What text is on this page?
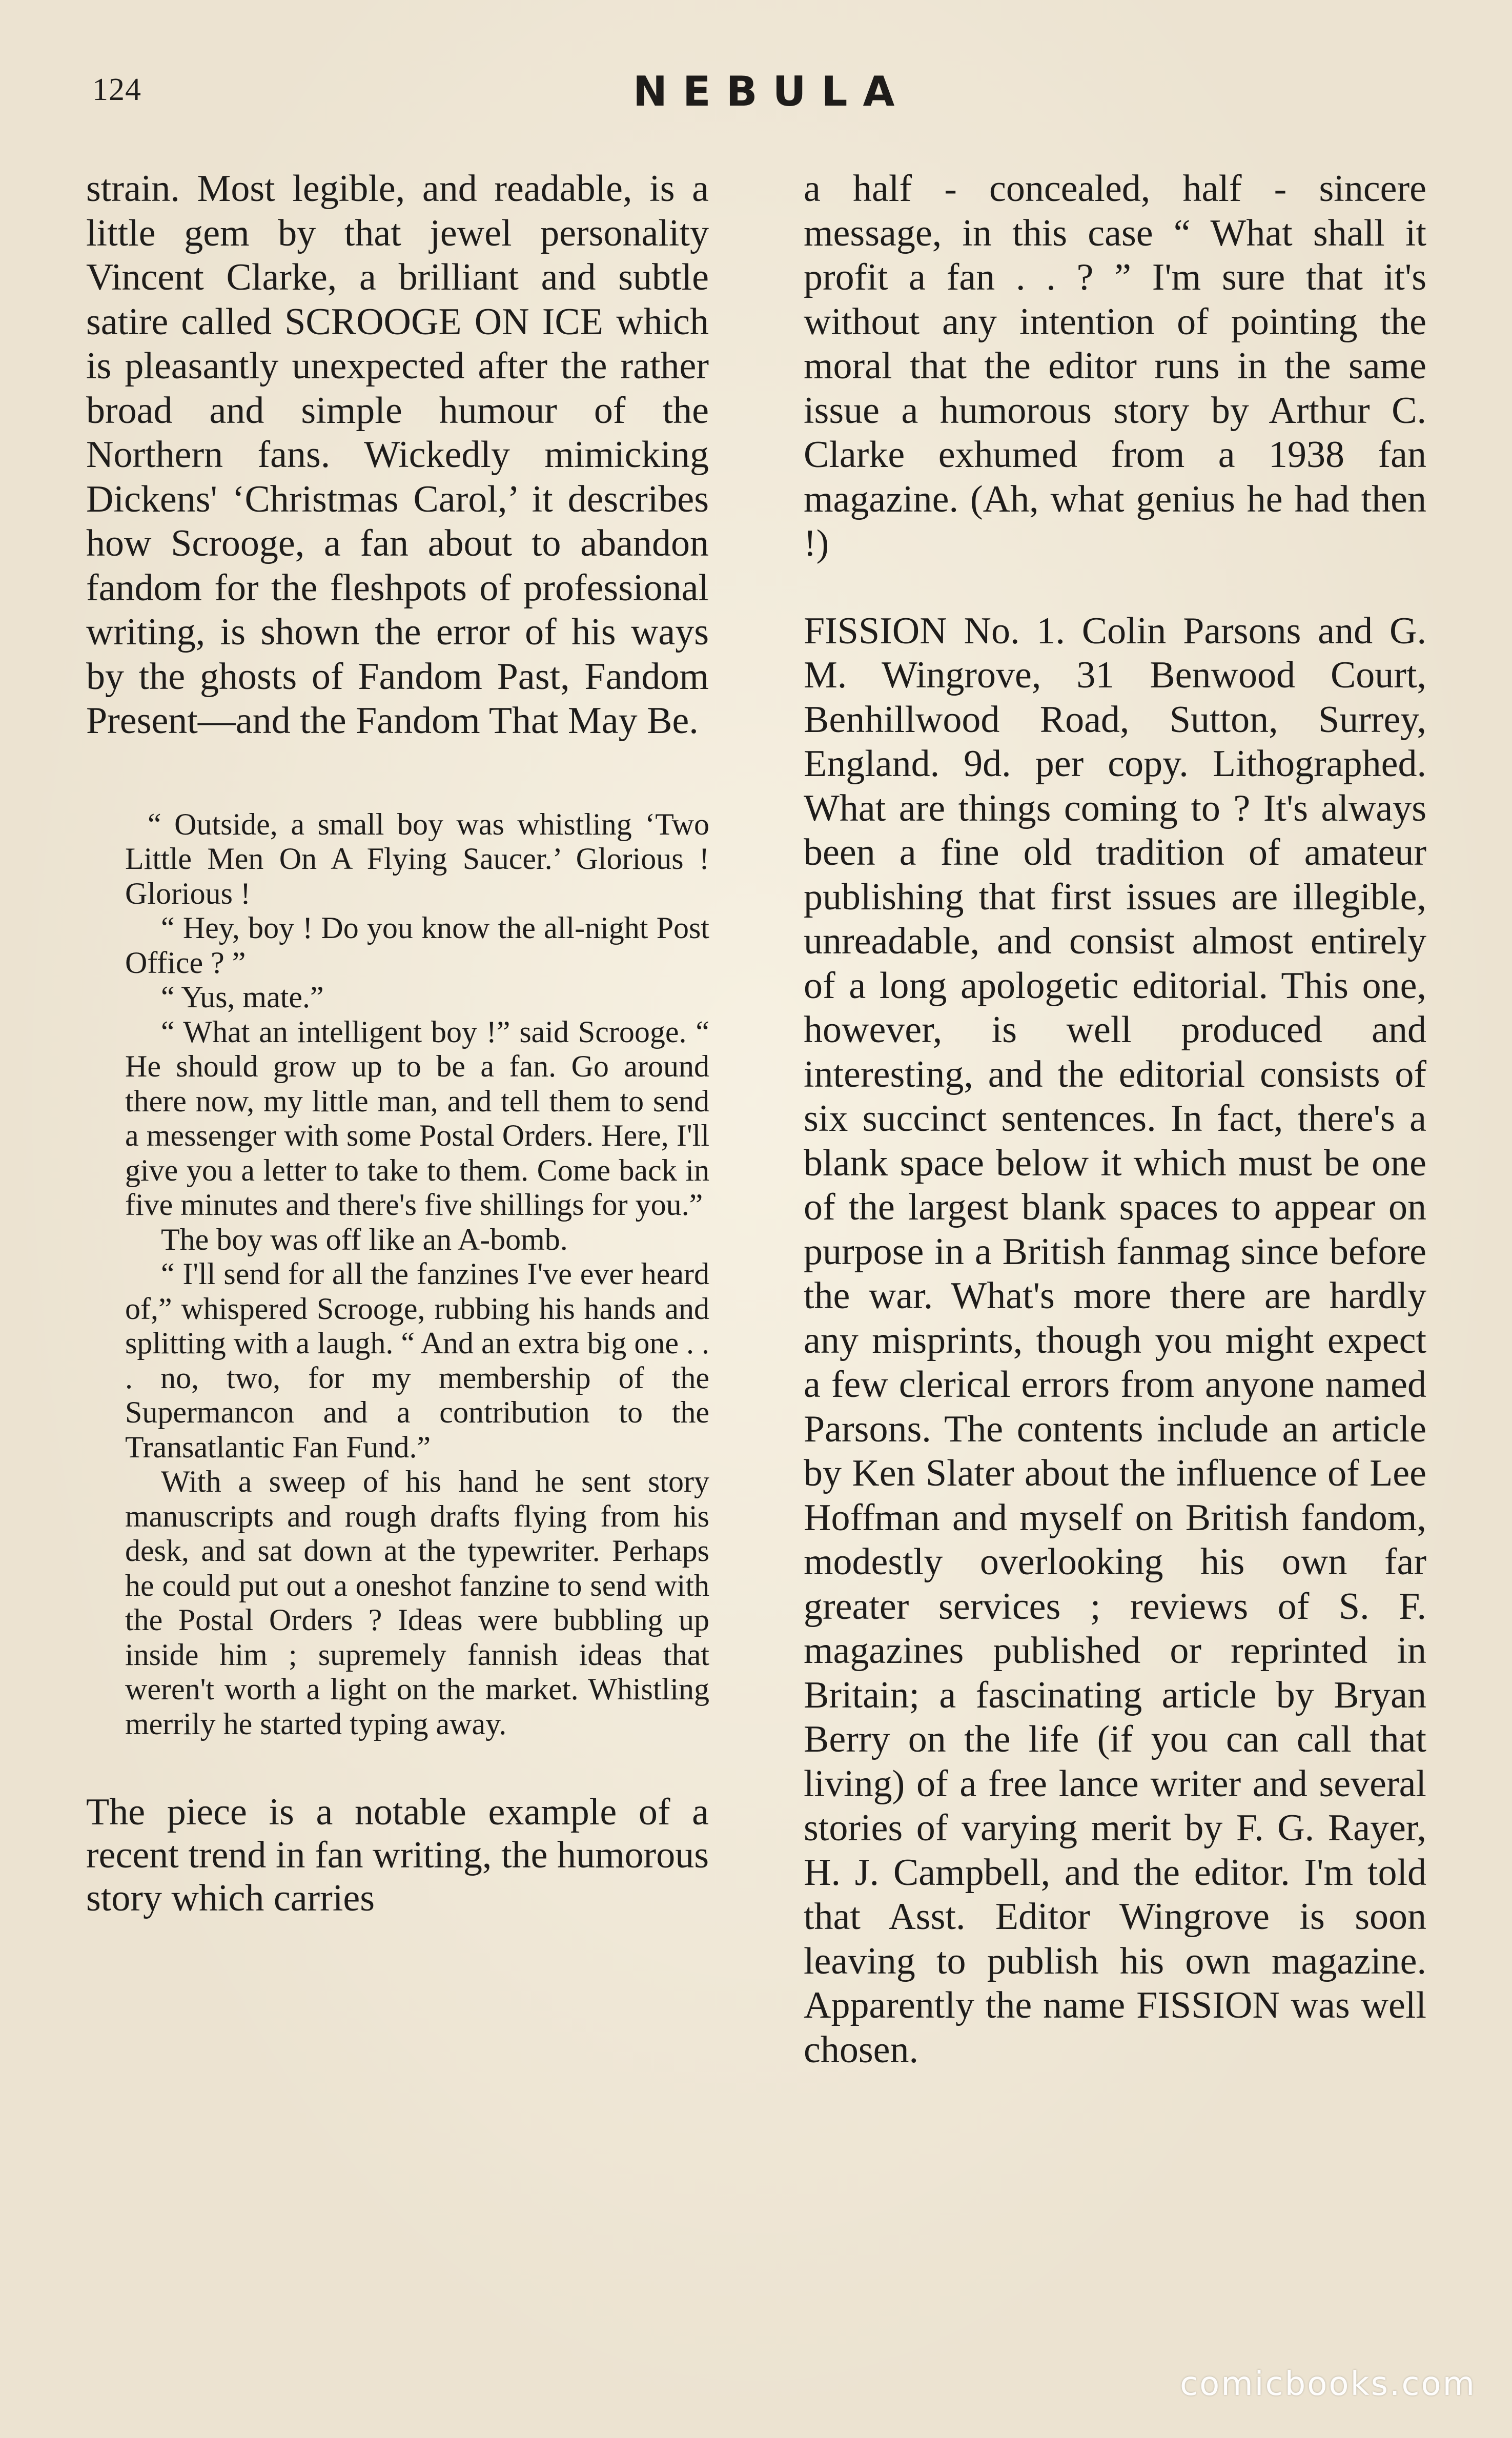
124	NEBULA

strain. Most legible, and readable, is a little gem by that jewel personality Vincent Clarke, a brilliant and subtle satire called SCROOGE ON ICE which is pleasantly unexpected after the rather broad and simple humour of the Northern fans. Wickedly mimicking Dickens' ‘Christmas Carol,’ it describes how Scrooge, a fan about to abandon fandom for the fleshpots of professional writing, is shown the error of his ways by the ghosts of Fandom Past, Fandom Present—and the Fandom That May Be.

“ Outside, a small boy was whistling ‘Two Little Men On A Flying Saucer.’ Glorious ! Glorious !

“ Hey, boy ! Do you know the all-night Post Office ? ”

“ Yus, mate.”

“ What an intelligent boy !” said Scrooge. “ He should grow up to be a fan. Go around there now, my little man, and tell them to send a messenger with some Postal Orders. Here, I'll give you a letter to take to them. Come back in five minutes and there's five shillings for you.”

The boy was off like an A-bomb.

“ I'll send for all the fanzines I've ever heard of,” whispered Scrooge, rubbing his hands and splitting with a laugh. “ And an extra big one . . . no, two, for my membership of the Supermancon and a contribution to the Transatlantic Fan Fund.”

With a sweep of his hand he sent story manuscripts and rough drafts flying from his desk, and sat down at the typewriter. Perhaps he could put out a oneshot fanzine to send with the Postal Orders ? Ideas were bubbling up inside him ; supremely fannish ideas that weren't worth a light on the market. Whistling merrily he started typing away.

The piece is a notable example of a recent trend in fan writing, the humorous story which carries

a half - concealed, half - sincere message, in this case “ What shall it profit a fan . . ? ” I'm sure that it's without any intention of pointing the moral that the editor runs in the same issue a humorous story by Arthur C. Clarke exhumed from a 1938 fan magazine. (Ah, what genius he had then !)

FISSION No. 1. Colin Parsons and G. M. Wingrove, 31 Benwood Court, Benhillwood Road, Sutton, Surrey, England. 9d. per copy. Lithographed. What are things coming to ? It's always been a fine old tradition of amateur publishing that first issues are illegible, unreadable, and consist almost entirely of a long apologetic editorial. This one, however, is well produced and interesting, and the editorial consists of six succinct sentences. In fact, there's a blank space below it which must be one of the largest blank spaces to appear on purpose in a British fanmag since before the war. What's more there are hardly any misprints, though you might expect a few clerical errors from anyone named Parsons. The contents include an article by Ken Slater about the influence of Lee Hoffman and myself on British fandom, modestly overlooking his own far greater services ; reviews of S. F. magazines published or reprinted in Britain; a fascinating article by Bryan Berry on the life (if you can call that living) of a free lance writer and several stories of varying merit by F. G. Rayer, H. J. Campbell, and the editor. I'm told that Asst. Editor Wingrove is soon leaving to publish his own magazine. Apparently the name FISSION was well chosen.

comicbooks.com
